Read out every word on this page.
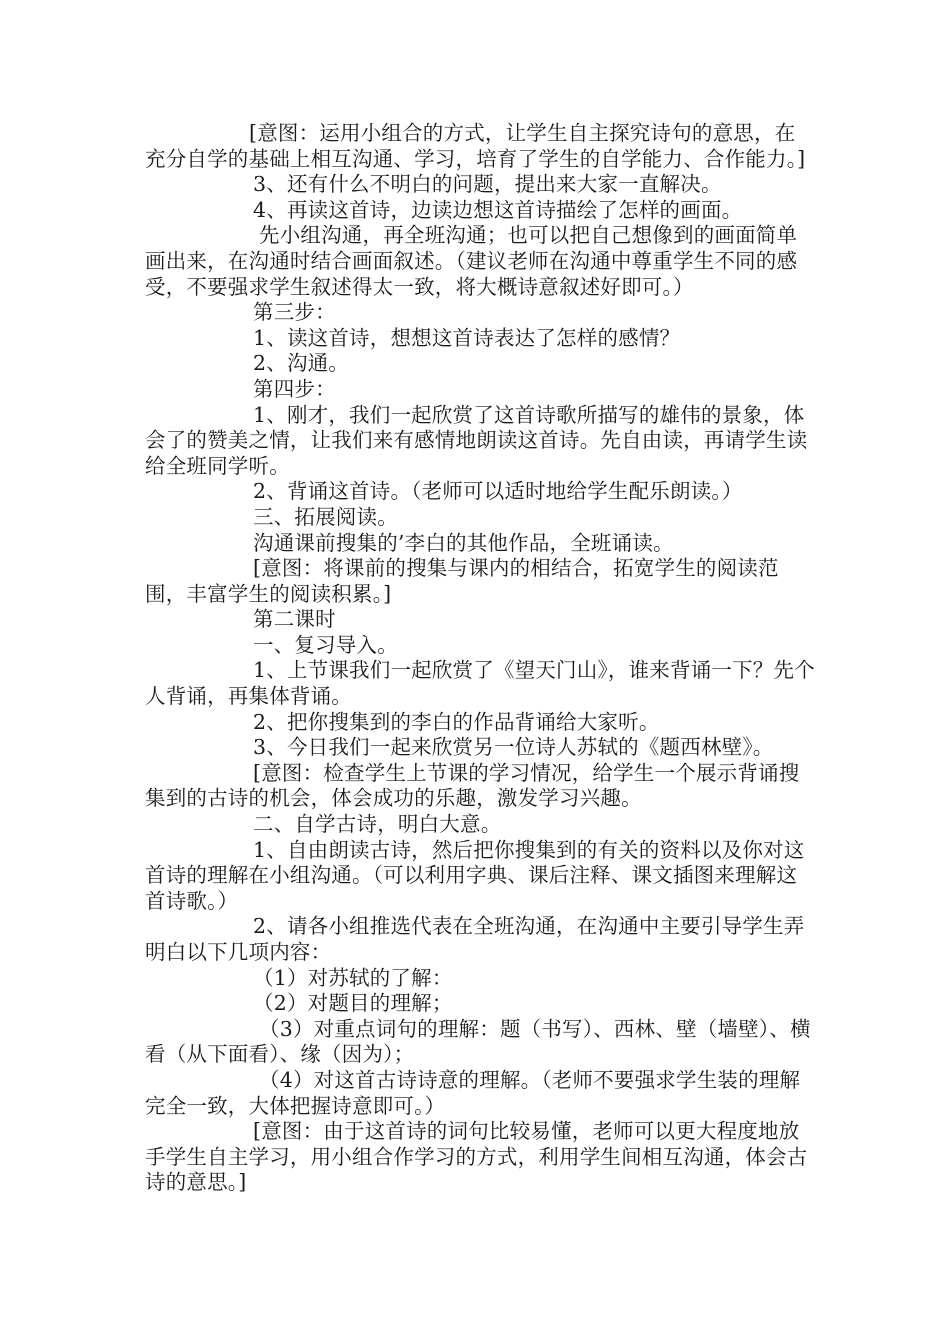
[意图：运用小组合的方式，让学生自主探究诗句的意思，在充分自学的基础上相互沟通、学习，培育了学生的自学能力、合作能力。]

3、还有什么不明白的问题，提出来大家一直解决。

4、再读这首诗，边读边想这首诗描绘了怎样的画面。

先小组沟通，再全班沟通；也可以把自己想像到的画面简单画出来，在沟通时结合画面叙述。（建议老师在沟通中尊重学生不同的感受，不要强求学生叙述得太一致，将大概诗意叙述好即可。）

第三步：

1、读这首诗，想想这首诗表达了怎样的感情？

2、沟通。

第四步：

1、刚才，我们一起欣赏了这首诗歌所描写的雄伟的景象，体会了的赞美之情，让我们来有感情地朗读这首诗。先自由读，再请学生读给全班同学听。

2、背诵这首诗。（老师可以适时地给学生配乐朗读。）

三、拓展阅读。

沟通课前搜集的’李白的其他作品，全班诵读。

[意图：将课前的搜集与课内的相结合，拓宽学生的阅读范围，丰富学生的阅读积累。]

第二课时

一、复习导入。

1、上节课我们一起欣赏了《望天门山》，谁来背诵一下？先个人背诵，再集体背诵。

2、把你搜集到的李白的作品背诵给大家听。

3、今日我们一起来欣赏另一位诗人苏轼的《题西林壁》。

[意图：检查学生上节课的学习情况，给学生一个展示背诵搜集到的古诗的机会，体会成功的乐趣，激发学习兴趣。

二、自学古诗，明白大意。

1、自由朗读古诗，然后把你搜集到的有关的资料以及你对这首诗的理解在小组沟通。（可以利用字典、课后注释、课文插图来理解这首诗歌。）

2、请各小组推选代表在全班沟通，在沟通中主要引导学生弄明白以下几项内容：

（1）对苏轼的了解：

（2）对题目的理解；

（3）对重点词句的理解：题（书写）、西林、壁（墙壁）、横看（从下面看）、缘（因为）；

（4）对这首古诗诗意的理解。（老师不要强求学生装的理解完全一致，大体把握诗意即可。）

[意图：由于这首诗的词句比较易懂，老师可以更大程度地放手学生自主学习，用小组合作学习的方式，利用学生间相互沟通，体会古诗的意思。]
